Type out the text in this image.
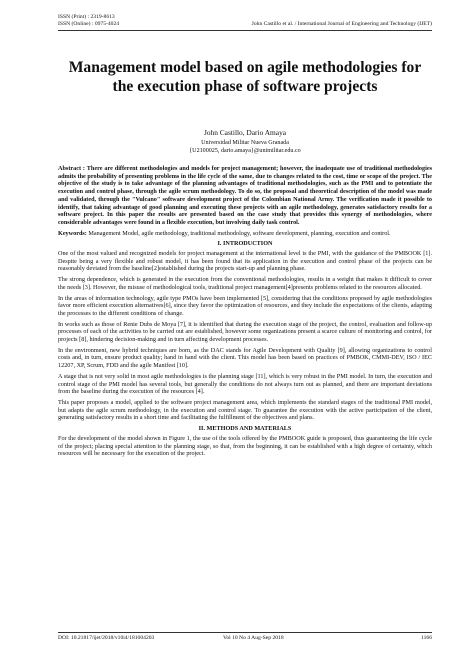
ISSN (Print) : 2319-8613
ISSN (Online) : 0975-4024	John Castillo et al. / International Journal of Engineering and Technology (IJET)
Management model based on agile methodologies for the execution phase of software projects
John Castillo, Dario Amaya
Universidad Militar Nueva Granada
{U2100025, dario.amaya}@unimilitar.edu.co

Abstract : There are different methodologies and models for project management; however, the inadequate use of traditional methodologies admits the probability of presenting problems in the life cycle of the same, due to changes related to the cost, time or scope of the project. The objective of the study is to take advantage of the planning advantages of traditional methodologies, such as the PMI and to potentiate the execution and control phase, through the agile scrum methodology. To do so, the proposal and theoretical description of the model was made and validated, through the "Vulcano" software development project of the Colombian National Army. The verification made it possible to identify, that taking advantage of good planning and executing these projects with an agile methodology, generates satisfactory results for a software project. In this paper the results are presented based on the case study that provides this synergy of methodologies, where considerable advantages were found in a flexible execution, but involving daily task control.

Keywords: Management Model, agile methodology, traditional methodology, software development, planning, execution and control.

I. INTRODUCTION

One of the most valued and recognized models for project management at the international level is the PMI, with the guidance of the PMBOOK [1]. Despite being a very flexible and robust model, it has been found that its application in the execution and control phase of the projects can be reasonably deviated from the baseline[2]established during the projects start-up and planning phase.

The strong dependence, which is generated in the execution from the conventional methodologies, results in a weight that makes it difficult to cover the needs [3]. However, the misuse of methodological tools, traditional project management[4]presents problems related to the resources allocated.

In the areas of information technology, agile type PMOs have been implemented [5], considering that the conditions proposed by agile methodologies favor more efficient execution alternatives[6], since they favor the optimization of resources, and they include the expectations of the clients, adapting the processes to the different conditions of change.

In works such as those of Renie Dubs de Moya [7], it is identified that during the execution stage of the project, the control, evaluation and follow-up processes of each of the activities to be carried out are established, however some organizations present a scarce culture of monitoring and control, for projects [8], hindering decision-making and in turn affecting development processes.

In the environment, new hybrid techniques are born, as the DAC stands for Agile Development with Quality [9], allowing organizations to control costs and, in turn, ensure product quality; hand in hand with the client. This model has been based on practices of PMBOK, CMMI-DEV, ISO / IEC 12207, XP, Scrum, FDD and the agile Manifest [10].

A stage that is not very solid in most agile methodologies is the planning stage [11], which is very robust in the PMI model. In turn, the execution and control stage of the PMI model has several tools, but generally the conditions do not always turn out as planned, and there are important deviations from the baseline during the execution of the resources [4].

This paper proposes a model, applied to the software project management area, which implements the standard stages of the traditional PMI model, but adapts the agile scrum methodology, in the execution and control stage. To guarantee the execution with the active participation of the client, generating satisfactory results in a short time and facilitating the fulfillment of the objectives and plans.

II. METHODS AND MATERIALS

For the development of the model shown in Figure 1, the use of the tools offered by the PMBOOK guide is proposed, thus guaranteeing the life cycle of the project; placing special attention to the planning stage, so that, from the beginning, it can be established with a high degree of certainty, which resources will be necessary for the execution of the project.

DOI: 10.21817/ijet/2018/v10i4/181004203	Vol 10 No 4 Aug-Sep 2018	1166
